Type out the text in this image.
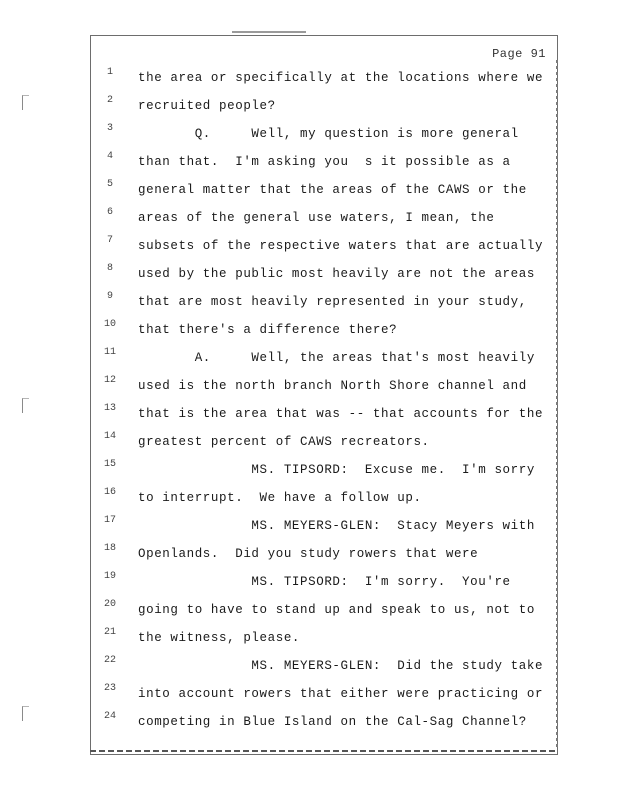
Page 91
1	the area or specifically at the locations where we
2	recruited people?
3	Q.     Well, my question is more general
4	than that.  I'm asking you  s it possible as a
5	general matter that the areas of the CAWS or the
6	areas of the general use waters, I mean, the
7	subsets of the respective waters that are actually
8	used by the public most heavily are not the areas
9	that are most heavily represented in your study,
10 that there's a difference there?
11 A.     Well, the areas that's most heavily
12 used is the north branch North Shore channel and
13 that is the area that was -- that accounts for the
14 greatest percent of CAWS recreators.
15 MS. TIPSORD:  Excuse me.  I'm sorry
16 to interrupt.  We have a follow up.
17 MS. MEYERS-GLEN:  Stacy Meyers with
18 Openlands.  Did you study rowers that were
19 MS. TIPSORD:  I'm sorry.  You're
20 going to have to stand up and speak to us, not to
21 the witness, please.
22 MS. MEYERS-GLEN:  Did the study take
23 into account rowers that either were practicing or
24 competing in Blue Island on the Cal-Sag Channel?
